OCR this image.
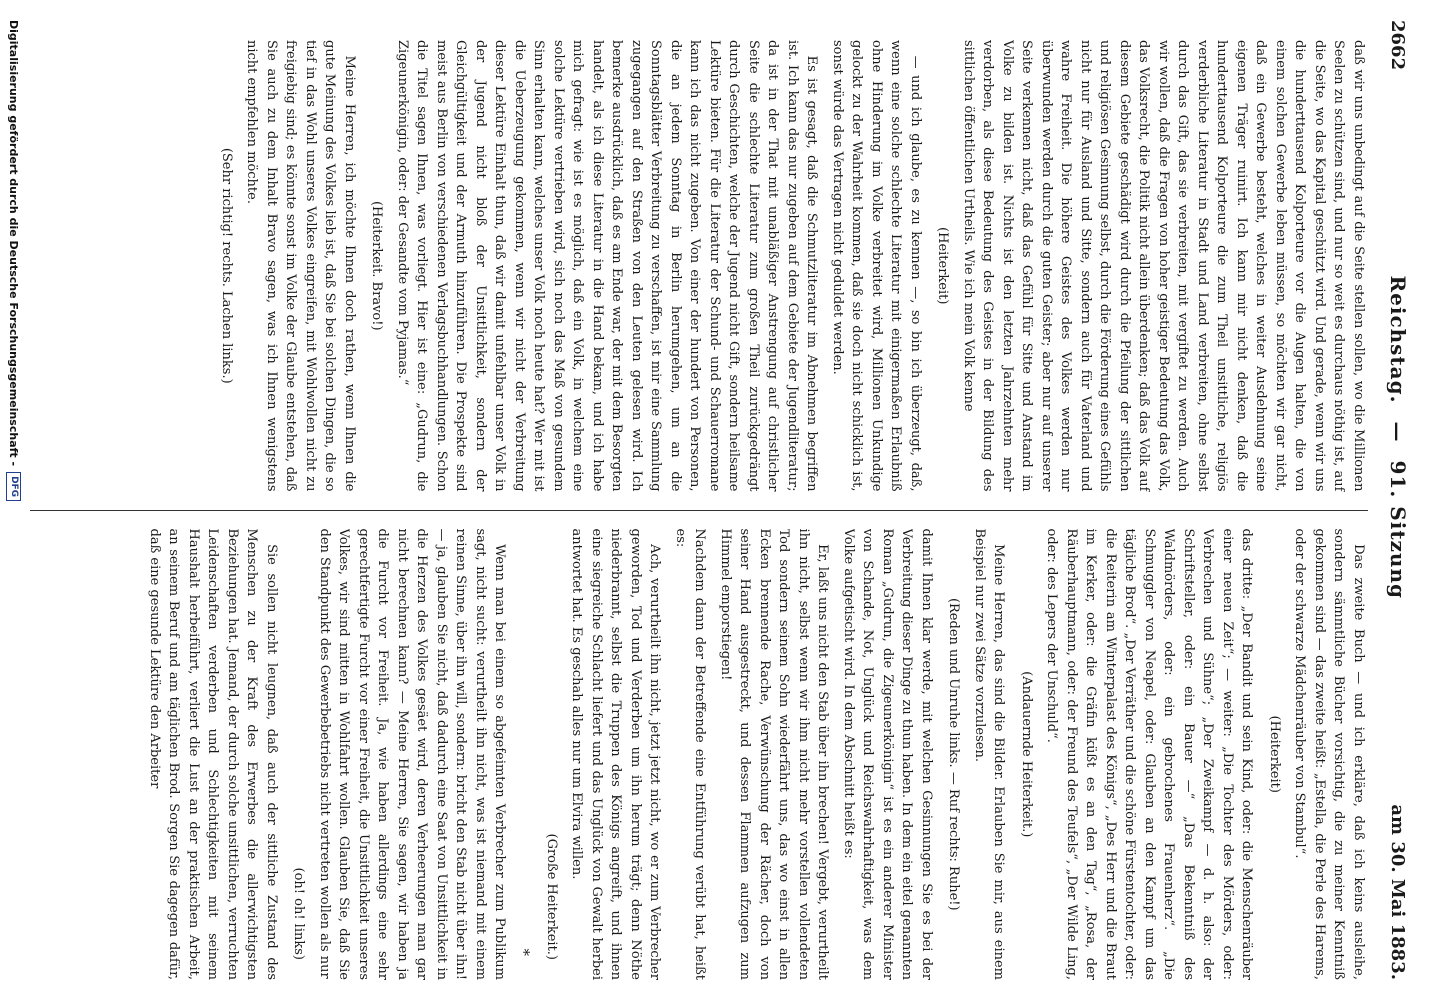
2662
Reichstag. — 91. Sitzung
am 30. Mai 1883.

daß wir uns unbedingt auf die Seite stellen sollen, wo die Millionen Seelen zu schützen sind, und nur so weit es durchaus nöthig ist, auf die Seite, wo das Kapital geschützt wird. Und gerade, wenn wir uns die hunderttausend Kolporteure vor die Augen halten, die von einem solchen Gewerbe leben müssen, so möchten wir gar nicht, daß ein Gewerbe besteht, welches in weiter Ausdehnung seine eigenen Träger ruinirt. Ich kann mir nicht denken, daß die hunderttausend Kolporteure die zum Theil unsittliche, religiös verderbliche Literatur in Stadt und Land verbreiten, ohne selbst durch das Gift, das sie verbreiten, mit vergiftet zu werden. Auch wir wollen, daß die Fragen von hoher geistiger Bedeutung das Volk, das Volksrecht, die Politik nicht allein überdenken; daß das Volk auf diesem Gebiete geschädigt wird durch die Pfeilung der sittlichen und religiösen Gesinnung selbst, durch die Förderung eines Gefühls nicht nur für Ausland und Sitte, sondern auch für Vaterland und wahre Freiheit. Die höhere Geistes des Volkes werden nur überwunden werden durch die guten Geister; aber nur auf unserer Seite verkennen nicht, daß das Gefühl für Sitte und Anstand im Volke zu bilden ist. Nichts ist den letzten Jahrzehnten mehr verdorben, als diese Bedeutung des Geistes in der Bildung des sittlichen öffentlichen Urtheils. Wie ich mein Volk kenne

(Heiterkeit)

— und ich glaube, es zu kennen —, so bin ich überzeugt, daß, wenn eine solche schlechte Literatur mit einigermaßen Erlaubniß ohne Hinderung im Volke verbreitet wird, Millionen Unkundige gelockt zu der Wahrheit kommen, daß sie doch nicht schicklich ist, sonst würde das Vertragen nicht geduldet werden.

Es ist gesagt, daß die Schmutzliteratur im Abnehmen begriffen ist. Ich kann das nur zugeben auf dem Gebiete der Jugendliteratur; da ist in der That mit unabläßiger Anstrengung auf christlicher Seite die schlechte Literatur zum großen Theil zurückgedrängt durch Geschichten, welche der Jugend nicht Gift, sondern heilsame Lektüre bieten. Für die Literatur der Schund- und Schauerromane kann ich das nicht zugeben. Von einer der hundert von Personen, die an jedem Sonntag in Berlin herumgehen, um an die Sonntagsblätter Verbreitung zu verschaffen, ist mir eine Sammlung zugegangen auf den Straßen von den Leuten gelesen wird. Ich bemerke ausdrücklich, daß es am Ende war, der mit dem Besorgten handelt, als ich diese Literatur in die Hand bekam, und ich habe mich gefragt: wie ist es möglich, daß ein Volk, in welchem eine solche Lektüre vertrieben wird, sich noch das Maß von gesundem Sinn erhalten kann, welches unser Volk noch heute hat? Wer mit ist die Ueberzeugung gekommen, wenn wir nicht der Verbreitung dieser Lektüre Einhalt thun, daß wir damit unfehlbar unser Volk in der Jugend nicht bloß der Unsittlichkeit, sondern der Gleichgültigkeit und der Armuth hinzuführen. Die Prospekte sind meist aus Berlin von verschiedenen Verlagsbuchhandlungen. Schon die Titel sagen Ihnen, was vorliegt. Hier ist eine: „Gudrun, die Zigeunerkönigin, oder: der Gesandte vom Pyjamas.“

(Heiterkeit. Bravo!)

Meine Herren, ich möchte Ihnen doch rathen, wenn Ihnen die gute Meinung des Volkes lieb ist, daß Sie bei solchen Dingen, die so tief in das Wohl unseres Volkes eingreifen, mit Wohlwollen nicht zu freigiebig sind; es könnte sonst im Volke der Glaube entstehen, daß Sie auch zu dem Inhalt Bravo sagen, was ich Ihnen wenigstens nicht empfehlen möchte.

(Sehr richtig! rechts. Lachen links.)

Das zweite Buch — und ich erkläre, daß ich keins ausleihe, sondern sämmtliche Bücher vorsichtig, die zu meiner Kenntniß gekommen sind — das zweite heißt: „Estella, die Perle des Harems, oder der schwarze Mädchenräuber von Stambul“.

(Heiterkeit)

das dritte: „Der Bandit und sein Kind, oder: die Menschenräuber einer neuen Zeit“; — weiter: „Die Tochter des Mörders, oder: Verbrechen und Sühne“; „Der Zweikampf — d. h. also: der Schriftsteller, oder: ein Bauer —“ „Das Bekenntniß des Waldmörders, oder: ein gebrochenes Frauenherz“. „Die Schmuggler von Neapel, oder: Glauben an den Kampf um das tägliche Brod“. „Der Verräther und die schöne Fürstentochter, oder: die Reiterin am Winterpalast des Königs“, „Des Herr und die Braut im Kerker, oder: die Gräfin küßt es an den Tag“, „Rosa, der Räuberhauptmann, oder: der Freund des Teufels“, „Der Wilde Ling, oder: des Lepers der Unschuld“.

(Andauernde Heiterkeit.)

Meine Herren, das sind die Bilder. Erlauben Sie mir, aus einem Beispiel nur zwei Sätze vorzulesen.

(Reden und Unruhe links. — Ruf rechts: Ruhe!)

damit Ihnen klar werde, mit welchen Gesinnungen Sie es bei der Verbreitung dieser Dinge zu thun haben. In dem ein eitel genannten Roman „Gudrun, die Zigeunerkönigin“ ist es ein anderer Minister von Schande, Not, Unglück und Reichswahrhaftigkeit, was dem Volke aufgetischt wird. In dem Abschnitt heißt es:

Er, laßt uns nicht den Stab über ihn brechen! Vergebt, verurtheilt ihn nicht, selbst wenn wir ihm nicht mehr vorstellen vollendeten Tod sondern seinem Sohn wiederfährt uns, das wo einst in allen Ecken brennende Rache, Verwünschung der Rächer, doch von seiner Hand ausgestreckt, und dessen Flammen aufzugen zum Himmel emporstiegen!

Nachdem dann der Betreffende eine Entführung verübt hat, heißt es:

Ach, verurtheilt ihn nicht, jetzt jetzt nicht, wo er zum Verbrecher geworden, Tod und Verderben um ihn herum trägt; denn Nöthe niederbrannt, selbst die Truppen des Königs angreift, und ihnen eine siegreiche Schlacht liefert und das Unglück von Gewalt herbei antwortet hat. Es geschah alles nur um Elvira willen.

(Große Heiterkeit.)
*

Wenn man bei einem so abgefeimten Verbrecher zum Publikum sagt, nicht sucht: verurtheilt ihn nicht, was ist niemand mit einem reinen Sinne, über ihn will, sondern: bricht den Stab nicht über ihn! — ja, glauben Sie nicht, daß dadurch eine Saat von Unsittlichkeit in die Herzen des Volkes gesäet wird, deren Verheerungen man gar nicht berechnen kann? — Meine Herren, Sie sagen, wir haben ja die Furcht vor Freiheit. Ja, wie haben allerdings eine sehr gerechtfertigte Furcht vor einer Freiheit, die Unsittlichkeit unseres Volkes, wir sind mitten in Wohlfahrt wollen. Glauben Sie, daß Sie den Standpunkt des Gewerbebetriebs nicht vertreten wollen als nur

(oh! oh! links)

Sie sollen nicht leugnen, daß auch der sittliche Zustand des Menschen zu der Kraft des Erwerbes die allerwichtigsten Beziehungen hat. Jemand, der durch solche unsittlichen, verruchten Leidenschaften verderben und Schlechtigkeiten mit seinem Haushalt herbeiführt, verliert die Lust an der praktischen Arbeit, an seinem Beruf und am täglichen Brod. Sorgen Sie dagegen dafür, daß eine gesunde Lektüre den Arbeiter

Digitalisierung gefördert durch die Deutsche Forschungsgemeinschaft -
DFG
